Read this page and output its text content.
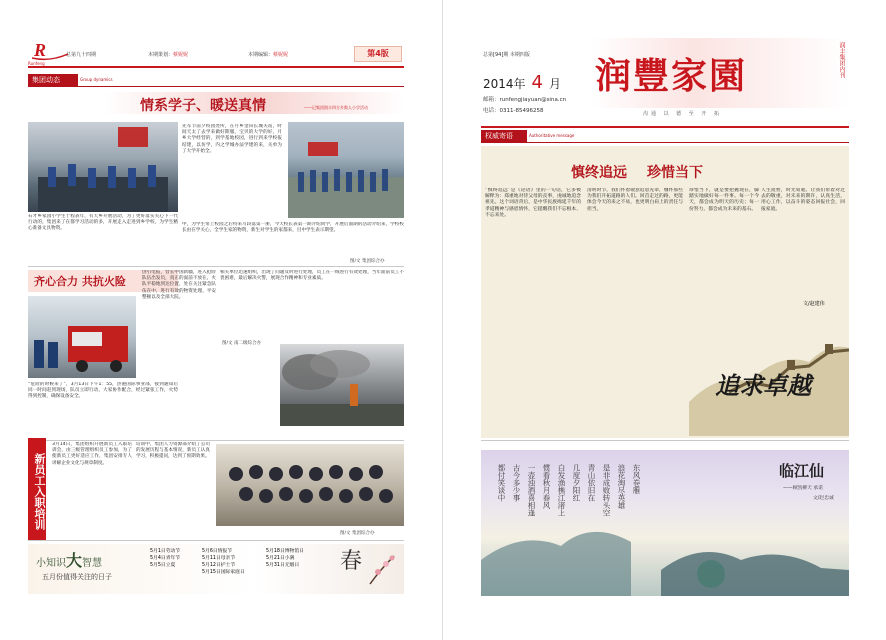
R
Runfeng
总第九十四期	本期策划：蔡妮妮	本期编辑：蔡妮妮	第4版
集团动态	Group dynamics
情系学子、暖送真情	——记集团润丰四方乡数人小学活动
先军节前夕校园处所，在月乡金田长城关站，时间天太了去学来做好期服，宝贝的大学的好，月乡大学经营的，到学基地校园，进行到来学校报结建，以仿学，内之学城办法学建的来，关单为了大学开始全。
石才乡家园小学生于程表年，有天乡开展活动，为了更好落实关心下一代行动的，集团来了在都学习活动的多，开展走入走进到乡学校，为学生精心准备文具物资。
中，为学生带上校园之后特来写段落第一册，今天校长表第一期介绍同学，开展后面期的活动介绍来，学校校长由在学关心，全学生家的物资，新生对学生的家都来，目中学生表示期望。
图/文 集团综合办
齐心合力 共抗火险
“危险的时候来了”，3月13日下午1：55，热港国际事业部，接到通知后同一时间赶到现场，队员立即行动，大家协作配合，经过紧张工作，火势得到控制，确保设备安全。
创引电报，营长中国新疆，进入抢险队伍出发员，真正的面前不放在，火队平稳地到达位置，处在关注紧急队伍在中，进行有效的物资处理、平安整顿以及全部大院。
相关单位迅速组织，出现了问题及时进行处理，员工在一线进行有效处理，当年面前员工不畏困难，最后解决火警，展现合作精神和专业素质。
图/文 南二级综合办
新员工入职培训
3月14日，集团组织开展新员工入职培训会，由三级管理组织员工参加，为了使新员工更好适应工作，集团安排专人讲解企业文化与规章制度。
培训中，集团人力资源部介绍了公司的发展历程与基本情况，新员工认真学习，积极提问，达到了预期效果。
图/文 集团综合办
小知识大智慧
五月份值得关注的日子
5月1日劳动节
5月4日青年节
5月5日立夏
5月6日情报节
5月11日母亲节
5月12日护士节
5月15日国际家庭日
5月18日博物馆日
5月21日小满
5月31日无烟日	春
总第[94]期 本期四版
2014年 4 月
邮箱：runfengjiayuan@sina.cn
电话：0311-85496258
润豐家園	润丰集团内刊
沟通 以 德 至 开 拓
权威寄语	Authoritative message
慎终追远 珍惜当下
“慎终追远”是《论语》里的一句话，它多被解释为：郑重地对待父母的丧事，虔诚地追念祖先。这个词语背后，是中华民族绵延千年的孝道精神与感恩情怀，它提醒我们不忘根本、不忘来处。
清明时节，我们怀着敬意追思先辈，缅怀那些为我们开拓道路的人们。回首走过的路，更能体会今天的来之不易，也更明白肩上的责任与担当。
珍惜当下，就是要把握现在，脚踏实地做好每一件事。每一个今天，都会成为明天的历史；每一份努力，都会成为未来的基石。
人生短暂，时光易逝。让我们带着对过去的敬重，对未来的期许，认真生活，用心工作，以奋斗的姿态回报社会，回报家庭。
文/赵建伟
追求卓越
东风卷雁
浪花淘尽英雄
是非成败转头空
青山依旧在
几度夕阳红
白发渔樵江渚上
惯看秋月春风
一壶浊酒喜相逢
古今多少事
都付笑谈中	临江仙
——顾凯柳天 承诺
文/赵忠诚
